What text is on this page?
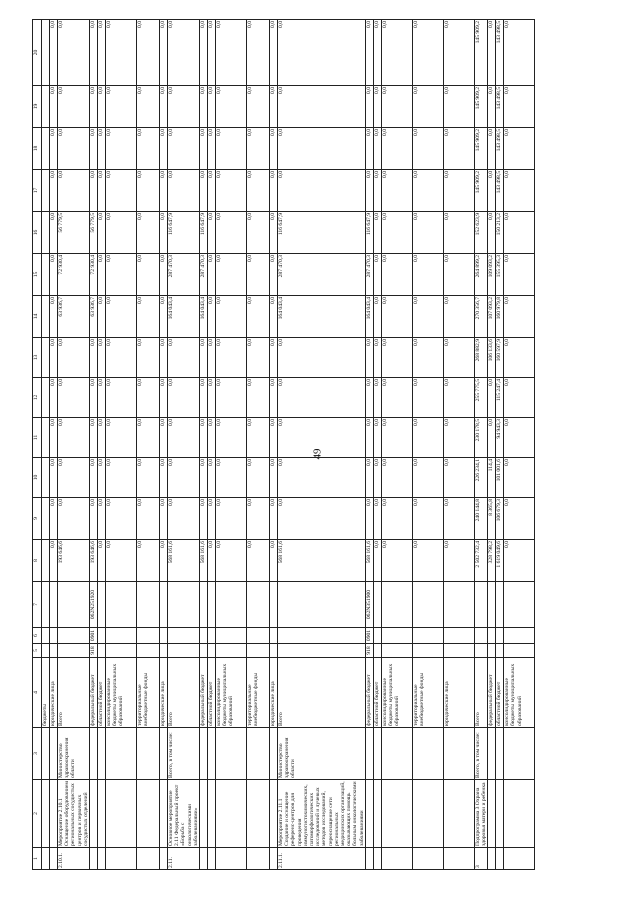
49
1	2	3	4	5	6	7	8	9	10	11	12	13	14	15	16	17	18	19	20
			бюджеты																
			юридические лица				0,0	0,0	0,0	0,0	0,0	0,0	0,0	0,0	0,0	0,0	0,0	0,0	0,0
2.10.1.	Мероприятие 2.10.1 Оснащение оборудованием региональных сосудистых центров и первичных сосудистых отделений	Министерство здравоохранения области	Всего				193 646,6	0,0	0,0	0,0	0,0	0,0	63 936,7	72 930,4	56 779,5	0,0	0,0	0,0	0,0
			федеральный бюджет	918	0901	062N251920	193 646,6	0,0	0,0	0,0	0,0	0,0	63 936,7	72 930,4	56 779,5	0,0	0,0	0,0	0,0
			областной бюджет				0,0	0,0	0,0	0,0	0,0	0,0	0,0	0,0	0,0	0,0	0,0	0,0	0,0
			консолидированные бюджеты муниципальных образований				0,0	0,0	0,0	0,0	0,0	0,0	0,0	0,0	0,0	0,0	0,0	0,0	0,0
			территориальные внебюджетные фонды				0,0	0,0	0,0	0,0	0,0	0,0	0,0	0,0	0,0	0,0	0,0	0,0	0,0
			юридические лица				0,0	0,0	0,0	0,0	0,0	0,0	0,0	0,0	0,0	0,0	0,0	0,0	0,0
2.11.	Основное мероприятие 2.11 Федеральный проект «Борьба с онкологическими заболеваниями»	Всего, в том числе:	Всего				568 161,6	0,0	0,0	0,0	0,0	0,0	164 043,4	287 470,3	116 647,9	0,0	0,0	0,0	0,0
			федеральный бюджет				568 161,6	0,0	0,0	0,0	0,0	0,0	164 043,4	287 470,3	116 647,9	0,0	0,0	0,0	0,0
			областной бюджет				0,0	0,0	0,0	0,0	0,0	0,0	0,0	0,0	0,0	0,0	0,0	0,0	0,0
			консолидированные бюджеты муниципальных образований				0,0	0,0	0,0	0,0	0,0	0,0	0,0	0,0	0,0	0,0	0,0	0,0	0,0
			территориальные внебюджетные фонды				0,0	0,0	0,0	0,0	0,0	0,0	0,0	0,0	0,0	0,0	0,0	0,0	0,0
			юридические лица				0,0	0,0	0,0	0,0	0,0	0,0	0,0	0,0	0,0	0,0	0,0	0,0	0,0
2.11.1.	Мероприятие 2.11.1 Создание и оснащение референс-центров для проведения иммуногистохимических, патоморфологических исследований и лучевых методов исследований, переоснащение сети региональных медицинских организаций, оказывающих помощь больным онкологическими заболеваниями	Министерство здравоохранения области	Всего				568 161,6	0,0	0,0	0,0	0,0	0,0	164 043,4	287 470,3	116 647,9	0,0	0,0	0,0	0,0
			федеральный бюджет	918	0901	062N351900	568 161,6	0,0	0,0	0,0	0,0	0,0	164 043,4	287 470,3	116 647,9	0,0	0,0	0,0	0,0
			областной бюджет				0,0	0,0	0,0	0,0	0,0	0,0	0,0	0,0	0,0	0,0	0,0	0,0	0,0
			консолидированные бюджеты муниципальных образований				0,0	0,0	0,0	0,0	0,0	0,0	0,0	0,0	0,0	0,0	0,0	0,0	0,0
			территориальные внебюджетные фонды				0,0	0,0	0,0	0,0	0,0	0,0	0,0	0,0	0,0	0,0	0,0	0,0	0,0
			юридические лица				0,0	0,0	0,0	0,0	0,0	0,0	0,0	0,0	0,0	0,0	0,0	0,0	0,0
3	Подпрограмма 3 Охрана здоровья матери и ребенка	Всего, в том числе:	Всего				2 502 732,4	240 144,8	226 234,1	230 178,5	255 775,5	268 882,9	270 356,7	264 899,2	152 623,9	145 909,2	145 909,2	145 909,2	145 909,2
			федеральный бюджет				328 798,2	8 365,8	114,4	0,0	0,0	106 133,6	107 093,2	109 093,2	0,0	0,0	0,0	0,0	0,0
			областной бюджет				1 619 049,6	106 679,3	101 001,6	94 943,3	115 247,4	160 597,9	160 979,8	155 395,3	150 213,2	143 498,5	143 498,5	143 498,5	143 498,5
			консолидированные бюджеты муниципальных образований				0,0	0,0	0,0	0,0	0,0	0,0	0,0	0,0	0,0	0,0	0,0	0,0	0,0
